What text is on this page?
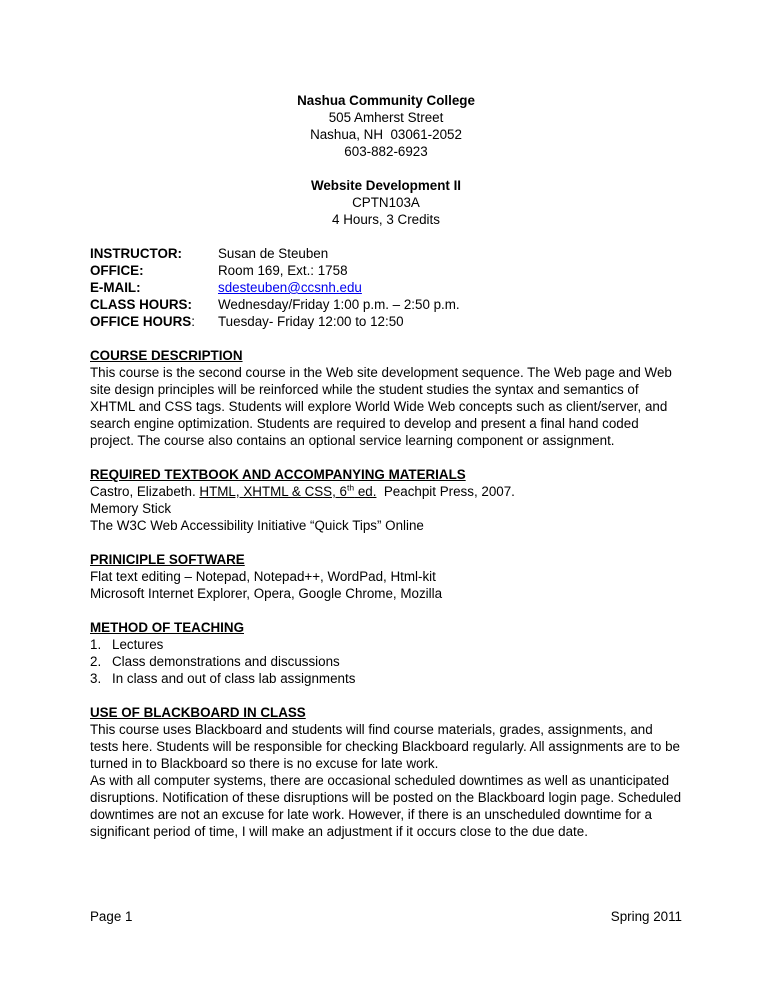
Nashua Community College
505 Amherst Street
Nashua, NH  03061-2052
603-882-6923
Website Development II
CPTN103A
4 Hours, 3 Credits
INSTRUCTOR:	Susan de Steuben
OFFICE:	Room 169, Ext.: 1758
E-MAIL:	sdesteuben@ccsnh.edu
CLASS HOURS:	Wednesday/Friday 1:00 p.m. – 2:50 p.m.
OFFICE HOURS:	Tuesday- Friday 12:00 to 12:50
COURSE DESCRIPTION
This course is the second course in the Web site development sequence. The Web page and Web site design principles will be reinforced while the student studies the syntax and semantics of XHTML and CSS tags. Students will explore World Wide Web concepts such as client/server, and search engine optimization. Students are required to develop and present a final hand coded project. The course also contains an optional service learning component or assignment.
REQUIRED TEXTBOOK AND ACCOMPANYING MATERIALS
Castro, Elizabeth. HTML, XHTML & CSS, 6th ed.  Peachpit Press, 2007.
Memory Stick
The W3C Web Accessibility Initiative “Quick Tips” Online
PRINICIPLE SOFTWARE
Flat text editing – Notepad, Notepad++, WordPad, Html-kit
Microsoft Internet Explorer, Opera, Google Chrome, Mozilla
METHOD OF TEACHING
1. Lectures
2. Class demonstrations and discussions
3. In class and out of class lab assignments
USE OF BLACKBOARD IN CLASS
This course uses Blackboard and students will find course materials, grades, assignments, and tests here. Students will be responsible for checking Blackboard regularly. All assignments are to be turned in to Blackboard so there is no excuse for late work.
As with all computer systems, there are occasional scheduled downtimes as well as unanticipated disruptions. Notification of these disruptions will be posted on the Blackboard login page. Scheduled downtimes are not an excuse for late work. However, if there is an unscheduled downtime for a significant period of time, I will make an adjustment if it occurs close to the due date.
Page 1	Spring 2011
